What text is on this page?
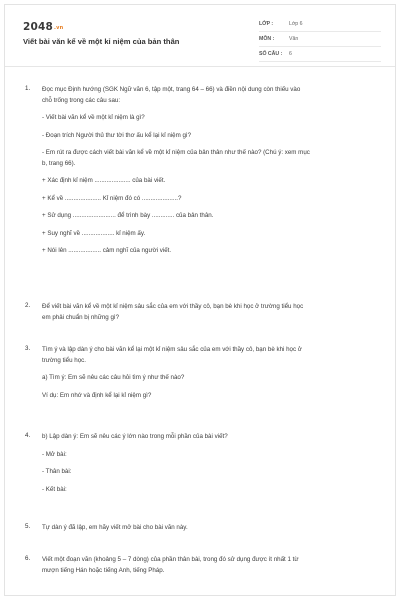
2048.vn
Viết bài văn kể về một kỉ niệm của bản thân
LỚP :	Lớp 6
MÔN :	Văn
SỐ CÂU :	6
1. Đọc mục Định hướng (SGK Ngữ văn 6, tập một, trang 64 – 66) và điền nội dung còn thiếu vào
chỗ trống trong các câu sau:
- Viết bài văn kể về một kỉ niệm là gì?
- Đoạn trích Người thủ thư tời thơ ấu kể lại kỉ niệm gì?
- Em rút ra được cách viết bài văn kể về một kỉ niệm của bản thân như thế nào? (Chú ý: xem mục
b, trang 66).
+ Xác định kỉ niệm ..................... của bài viết.
+ Kể về ..................... Kỉ niệm đó có .....................?
+ Sử dụng ......................... để trình bày ............. của bản thân.
+ Suy nghĩ về ................... kỉ niệm ấy.
+ Nói lên ................... cảm nghĩ của người viết.
2. Để viết bài văn kể về một kỉ niệm sâu sắc của em với thầy cô, bạn bè khi học ở trường tiểu học
em phải chuẩn bị những gì?
3. Tìm ý và lập dàn ý cho bài văn kể lại một kỉ niệm sâu sắc của em với thầy cô, bạn bè khi học ở
trường tiểu học.
a) Tìm ý: Em sẽ nêu các câu hỏi tìm ý như thế nào?
Ví dụ: Em nhớ và định kể lại kỉ niệm gì?
4. b) Lập dàn ý: Em sẽ nêu các ý lớn nào trong mỗi phần của bài viết?
- Mở bài:
- Thân bài:
- Kết bài:
5. Tự dàn ý đã lập, em hãy viết mở bài cho bài văn này.
6. Viết một đoạn văn (khoảng 5 – 7 dòng) của phần thân bài, trong đó sử dụng được ít nhất 1 từ
mượn tiếng Hán hoặc tiếng Anh, tiếng Pháp.
